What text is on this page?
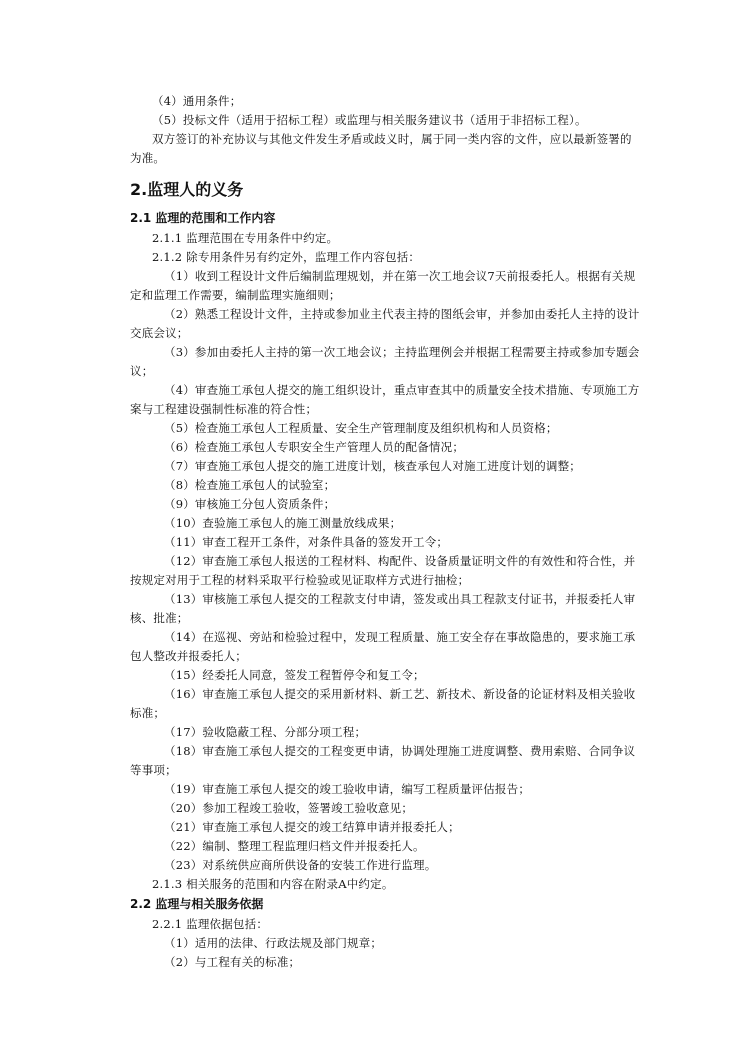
（4）通用条件；

（5）投标文件（适用于招标工程）或监理与相关服务建议书（适用于非招标工程）。

双方签订的补充协议与其他文件发生矛盾或歧义时，属于同一类内容的文件，应以最新签署的为准。

2.监理人的义务
2.1 监理的范围和工作内容

2.1.1 监理范围在专用条件中约定。

2.1.2 除专用条件另有约定外，监理工作内容包括：

（1）收到工程设计文件后编制监理规划，并在第一次工地会议7天前报委托人。根据有关规定和监理工作需要，编制监理实施细则；

（2）熟悉工程设计文件，主持或参加业主代表主持的图纸会审，并参加由委托人主持的设计交底会议；

（3）参加由委托人主持的第一次工地会议；主持监理例会并根据工程需要主持或参加专题会议；

（4）审查施工承包人提交的施工组织设计，重点审查其中的质量安全技术措施、专项施工方案与工程建设强制性标准的符合性；

（5）检查施工承包人工程质量、安全生产管理制度及组织机构和人员资格；

（6）检查施工承包人专职安全生产管理人员的配备情况；

（7）审查施工承包人提交的施工进度计划，核查承包人对施工进度计划的调整；

（8）检查施工承包人的试验室；

（9）审核施工分包人资质条件；

（10）查验施工承包人的施工测量放线成果；

（11）审查工程开工条件，对条件具备的签发开工令；

（12）审查施工承包人报送的工程材料、构配件、设备质量证明文件的有效性和符合性，并按规定对用于工程的材料采取平行检验或见证取样方式进行抽检；

（13）审核施工承包人提交的工程款支付申请，签发或出具工程款支付证书，并报委托人审核、批准；

（14）在巡视、旁站和检验过程中，发现工程质量、施工安全存在事故隐患的，要求施工承包人整改并报委托人；

（15）经委托人同意，签发工程暂停令和复工令；

（16）审查施工承包人提交的采用新材料、新工艺、新技术、新设备的论证材料及相关验收标准；

（17）验收隐蔽工程、分部分项工程；

（18）审查施工承包人提交的工程变更申请，协调处理施工进度调整、费用索赔、合同争议等事项；

（19）审查施工承包人提交的竣工验收申请，编写工程质量评估报告；

（20）参加工程竣工验收，签署竣工验收意见；

（21）审查施工承包人提交的竣工结算申请并报委托人；

（22）编制、整理工程监理归档文件并报委托人。

（23）对系统供应商所供设备的安装工作进行监理。

2.1.3 相关服务的范围和内容在附录A中约定。

2.2 监理与相关服务依据

2.2.1 监理依据包括：

（1）适用的法律、行政法规及部门规章；

（2）与工程有关的标准；
